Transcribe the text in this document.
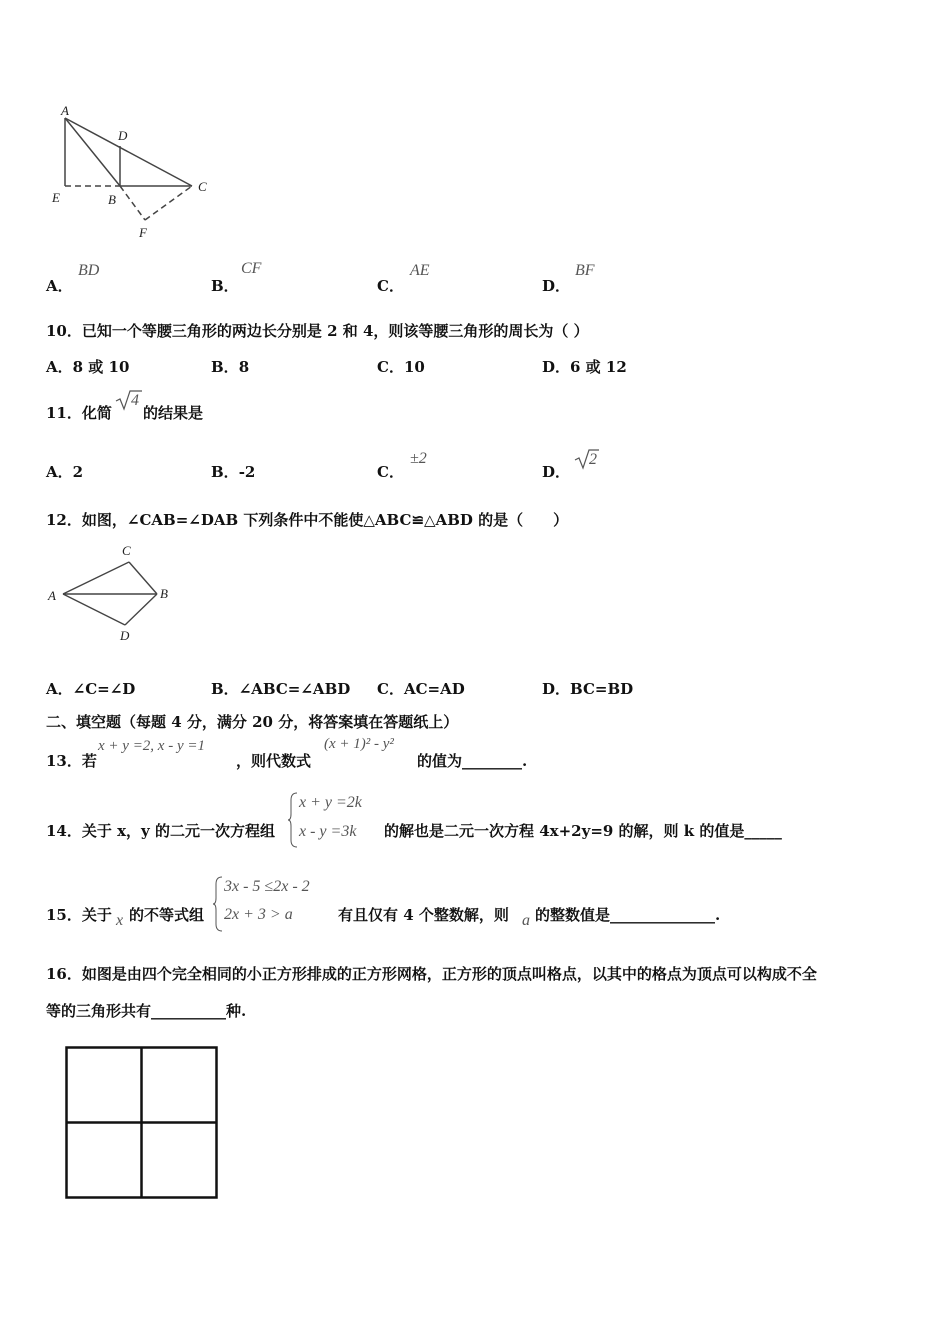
A
D
E	B
C
F
A．
BD
B．
CF
C．
AE
D．
BF
10．已知一个等腰三角形的两边长分别是 2 和 4，则该等腰三角形的周长为（ ）
A．8 或 10	B．8	C．10	D．6 或 12
11．化简
4
的结果是
A．2	B．-2	C．
±2
D．
2
12．如图，∠CAB=∠DAB 下列条件中不能使△ABC≌△ABD 的是（　　）
C
A	B
D
A．∠C=∠D	B．∠ABC=∠ABD C．AC=AD	D．BC=BD
二、填空题（每题 4 分，满分 20 分，将答案填在答题纸上）
13．若
x + y =2, x - y =1
，则代数式
(x + 1)² - y²
的值为________.
14．关于 x，y 的二元一次方程组
x + y =2k
x - y =3k 的解也是二元一次方程 4x+2y=9 的解，则 k 的值是_____
15．关于 x 的不等式组
3x - 5 ≤2x - 2
2x + 3 > a	有且仅有 4 个整数解，则 a 的整数值是______________.
16．如图是由四个完全相同的小正方形排成的正方形网格，正方形的顶点叫格点，以其中的格点为顶点可以构成不全
等的三角形共有__________种.
